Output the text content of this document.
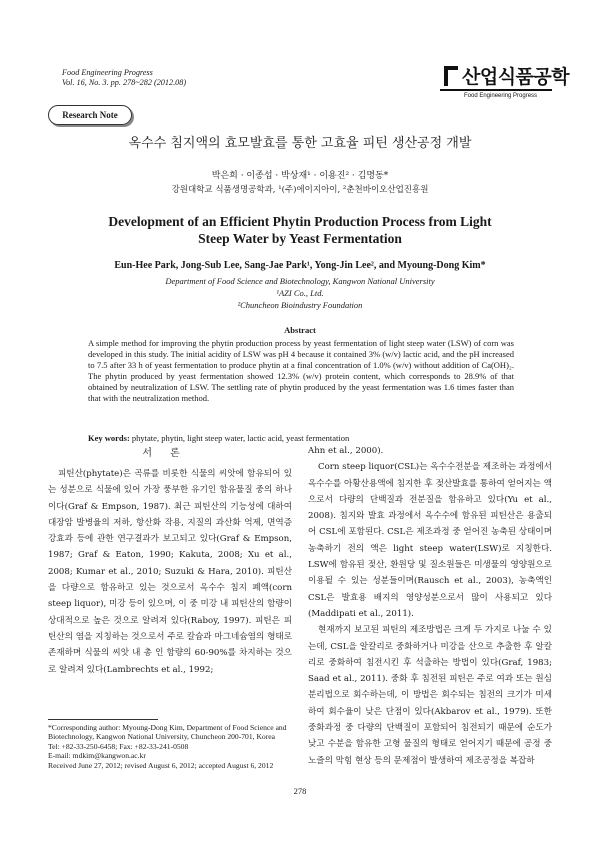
Food Engineering Progress
Vol. 16, No. 3. pp. 278~282 (2012.08)	산업식품공학
Food Engineering Progress
Research Note
옥수수 침지액의 효모발효를 통한 고효율 피틴 생산공정 개발
박은희 · 이종섭 · 박상재¹ · 이용진² · 김명동*
강원대학교 식품생명공학과, ¹(주)에이지아이, ²춘천바이오산업진흥원
Development of an Efficient Phytin Production Process from Light
Steep Water by Yeast Fermentation
Eun-Hee Park, Jong-Sub Lee, Sang-Jae Park¹, Yong-Jin Lee², and Myoung-Dong Kim*
Department of Food Science and Biotechnology, Kangwon National University
¹AZI Co., Ltd.
²Chuncheon Bioindustry Foundation
Abstract
A simple method for improving the phytin production process by yeast fermentation of light steep water (LSW) of corn was developed in this study. The initial acidity of LSW was pH 4 because it contained 3% (w/v) lactic acid, and the pH increased to 7.5 after 33 h of yeast fermentation to produce phytin at a final concentration of 1.0% (w/v) without addition of Ca(OH)₂. The phytin produced by yeast fermentation showed 12.3% (w/v) protein content, which corresponds to 28.9% of that obtained by neutralization of LSW. The settling rate of phytin produced by the yeast fermentation was 1.6 times faster than that with the neutralization method.
Key words: phytate, phytin, light steep water, lactic acid, yeast fermentation
서론

피틴산(phytate)은 곡류를 비롯한 식물의 씨앗에 함유되어 있는 성분으로 식물에 있어 가장 풍부한 유기인 함유물질 중의 하나이다(Graf & Empson, 1987). 최근 피틴산의 기능성에 대하여 대장암 발병율의 저하, 항산화 작용, 지질의 과산화 억제, 면역증강효과 등에 관한 연구결과가 보고되고 있다(Graf & Empson, 1987; Graf & Eaton, 1990; Kakuta, 2008; Xu et al., 2008; Kumar et al., 2010; Suzuki & Hara, 2010). 피틴산을 다량으로 함유하고 있는 것으로서 옥수수 침지 폐액(corn steep liquor), 미강 등이 있으며, 이 중 미강 내 피틴산의 함량이 상대적으로 높은 것으로 알려져 있다(Raboy, 1997). 피틴은 피틴산의 염을 지칭하는 것으로서 주로 칼슘과 마그네슘염의 형태로 존재하며 식물의 씨앗 내 총 인 함량의 60-90%를 차지하는 것으로 알려져 있다(Lambrechts et al., 1992;

Ahn et al., 2000).

Corn steep liquor(CSL)는 옥수수전분을 제조하는 과정에서 옥수수를 아황산용액에 침지한 후 젖산발효를 통하여 얻어지는 액으로서 다량의 단백질과 전분질을 함유하고 있다(Yu et al., 2008). 침지와 발효 과정에서 옥수수에 함유된 피틴산은 용출되어 CSL에 포함된다. CSL은 제조과정 중 얻어진 농축된 상태이며 농축하기 전의 액은 light steep water(LSW)로 지칭한다. LSW에 함유된 젖산, 환원당 및 질소원들은 미생물의 영양원으로 이용될 수 있는 성분들이며(Rausch et al., 2003), 농축액인 CSL은 발효용 배지의 영양성분으로서 많이 사용되고 있다(Maddipati et al., 2011).

현재까지 보고된 피틴의 제조방법은 크게 두 가지로 나눌 수 있는데, CSL을 알칼리로 중화하거나 미강을 산으로 추출한 후 알칼리로 중화하여 침전시킨 후 석출하는 방법이 있다(Graf, 1983; Saad et al., 2011). 중화 후 침전된 피틴은 주로 여과 또는 원심분리법으로 회수하는데, 이 방법은 회수되는 침전의 크기가 미세하여 회수율이 낮은 단점이 있다(Akbarov et al., 1979). 또한 중화과정 중 다량의 단백질이 포함되어 침전되기 때문에 순도가 낮고 수분을 함유한 고형 물질의 형태로 얻어지기 때문에 공정 중 노즐의 막힘 현상 등의 문제점이 발생하여 제조공정을 복잡하

*Corresponding author: Myoung-Dong Kim, Department of Food Science and Biotechnology, Kangwon National University, Chuncheon 200-701, Korea
Tel: +82-33-250-6458; Fax: +82-33-241-0508
E-mail: mdkim@kangwon.ac.kr
Received June 27, 2012; revised August 6, 2012; accepted August 6, 2012
278
